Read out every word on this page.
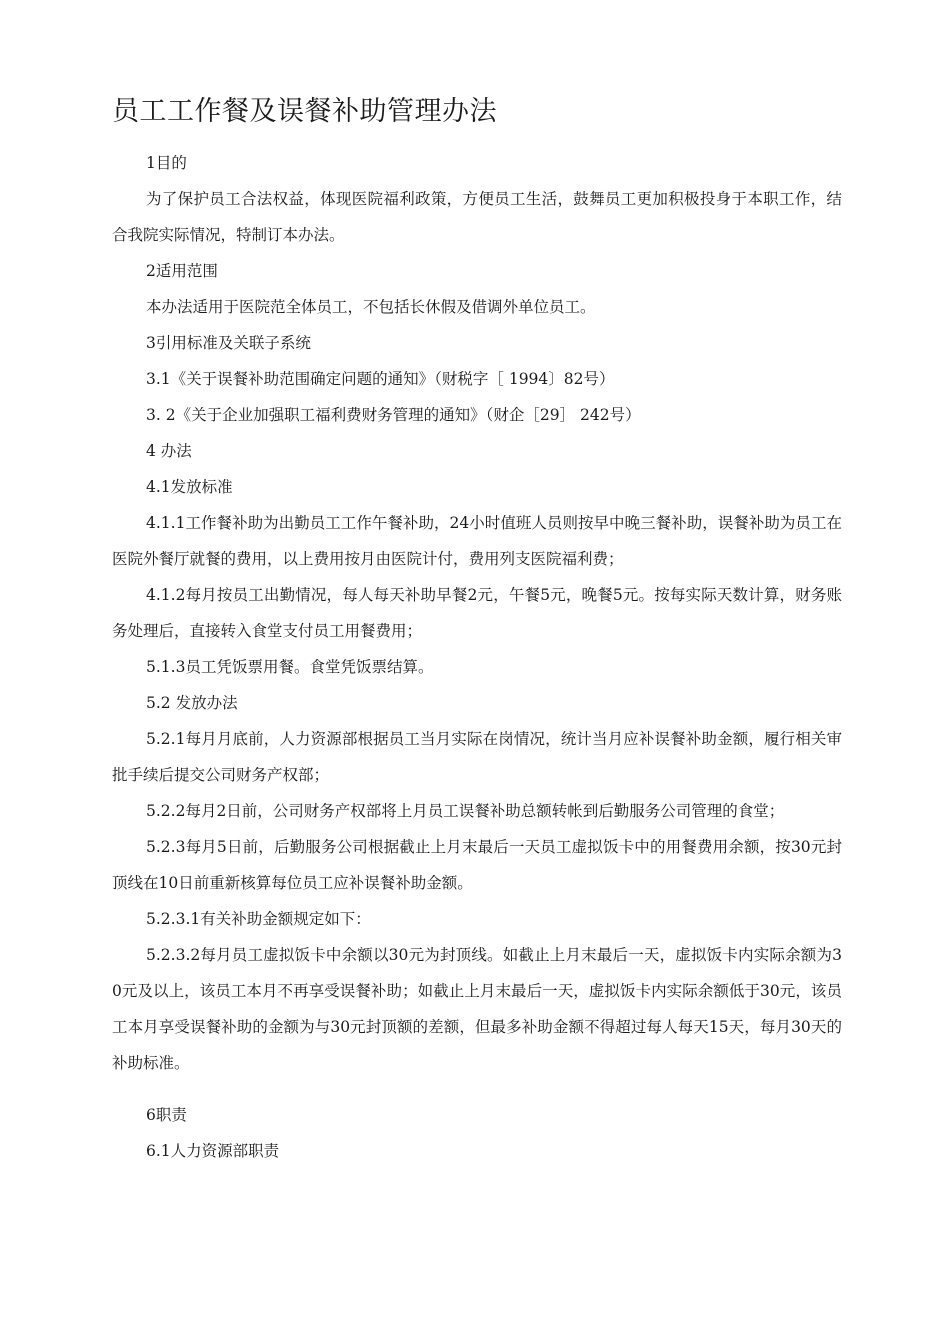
员工工作餐及误餐补助管理办法

1目的

为了保护员工合法权益，体现医院福利政策，方便员工生活，鼓舞员工更加积极投身于本职工作，结合我院实际情况，特制订本办法。

2适用范围

本办法适用于医院范全体员工，不包括长休假及借调外单位员工。

3引用标准及关联子系统

3.1《关于误餐补助范围确定问题的通知》（财税字［ 1994〕82号）

3. 2《关于企业加强职工福利费财务管理的通知》（财企［29］ 242号）

4 办法

4.1发放标准

4.1.1工作餐补助为出勤员工工作午餐补助，24小时值班人员则按早中晚三餐补助，误餐补助为员工在医院外餐厅就餐的费用，以上费用按月由医院计付，费用列支医院福利费；

4.1.2每月按员工出勤情况，每人每天补助早餐2元，午餐5元，晚餐5元。按每实际天数计算，财务账务处理后，直接转入食堂支付员工用餐费用；

5.1.3员工凭饭票用餐。食堂凭饭票结算。

5.2 发放办法

5.2.1每月月底前，人力资源部根据员工当月实际在岗情况，统计当月应补误餐补助金额，履行相关审批手续后提交公司财务产权部；

5.2.2每月2日前，公司财务产权部将上月员工误餐补助总额转帐到后勤服务公司管理的食堂；

5.2.3每月5日前，后勤服务公司根据截止上月末最后一天员工虚拟饭卡中的用餐费用余额，按30元封顶线在10日前重新核算每位员工应补误餐补助金额。

5.2.3.1有关补助金额规定如下：

5.2.3.2每月员工虚拟饭卡中余额以30元为封顶线。如截止上月末最后一天，虚拟饭卡内实际余额为30元及以上，该员工本月不再享受误餐补助；如截止上月末最后一天，虚拟饭卡内实际余额低于30元，该员工本月享受误餐补助的金额为与30元封顶额的差额，但最多补助金额不得超过每人每天15天，每月30天的补助标准。

6职责

6.1人力资源部职责
